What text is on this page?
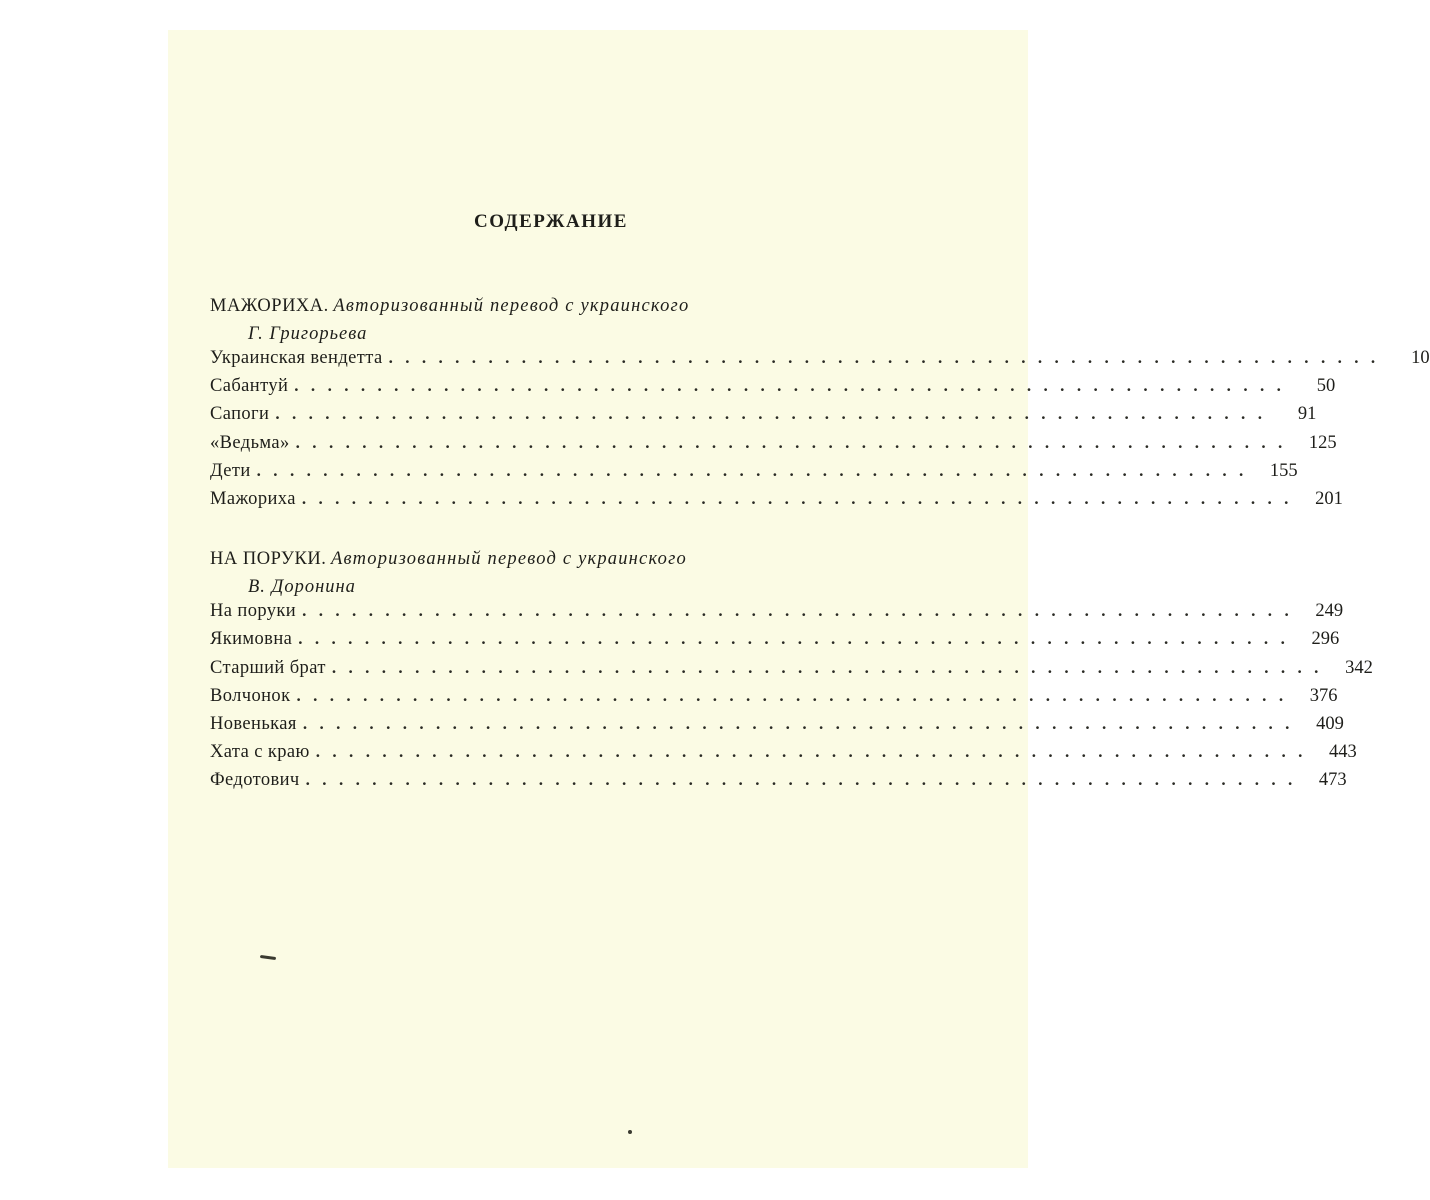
СОДЕРЖАНИЕ
МАЖОРИХА. Авторизованный перевод с украинского
Г. Григорьева
Украинская вендетта ............................................................	10
Сабантуй ............................................................	50
Сапоги ............................................................	91
«Ведьма» ............................................................ 125
Дети ............................................................ 155
Мажориха ............................................................ 201
НА ПОРУКИ. Авторизованный перевод с украинского
В. Доронина
На поруки ............................................................ 249
Якимовна ............................................................ 296
Старший брат ............................................................ 342
Волчонок ............................................................ 376
Новенькая ............................................................ 409
Хата с краю ............................................................ 443
Федотович ............................................................ 473
